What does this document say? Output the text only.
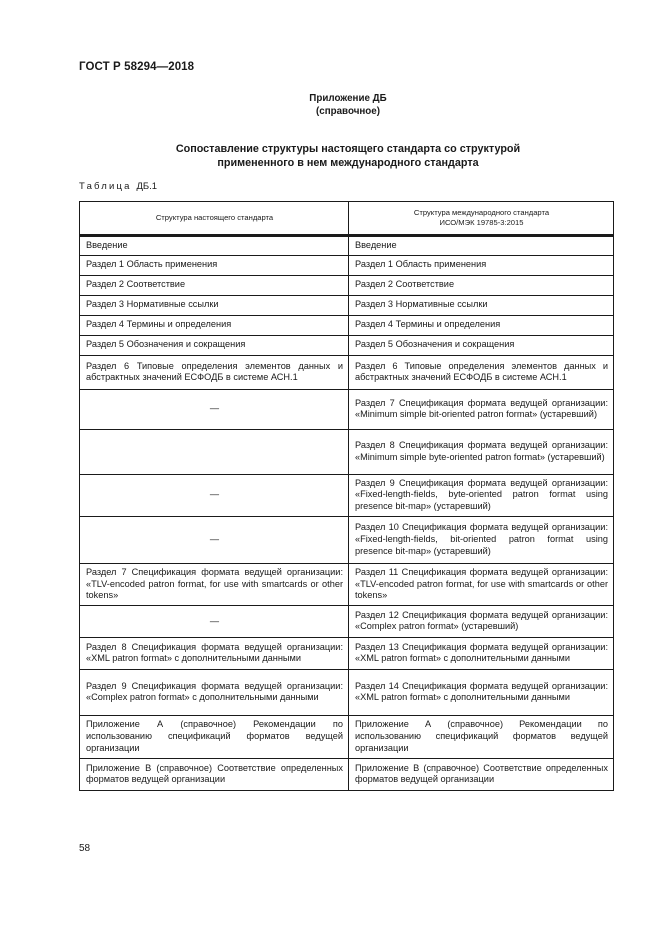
ГОСТ Р 58294—2018
Приложение ДБ
(справочное)
Сопоставление структуры настоящего стандарта со структурой
примененного в нем международного стандарта
Таблица ДБ.1
Структура настоящего стандарта	Структура международного стандарта
ИСО/МЭК 19785-3:2015

Введение	Введение
Раздел 1 Область применения	Раздел 1 Область применения
Раздел 2 Соответствие	Раздел 2 Соответствие
Раздел 3 Нормативные ссылки	Раздел 3 Нормативные ссылки
Раздел 4 Термины и определения	Раздел 4 Термины и определения
Раздел 5 Обозначения и сокращения	Раздел 5 Обозначения и сокращения
Раздел 6 Типовые определения элементов данных и абстрактных значений ЕСФОДБ в системе АСН.1	Раздел 6 Типовые определения элементов данных и абстрактных значений ЕСФОДБ в системе АСН.1
—	Раздел 7 Спецификация формата ведущей организации: «Minimum simple bit-oriented patron format» (устаревший)
	Раздел 8 Спецификация формата ведущей организации: «Minimum simple byte-oriented patron format» (устаревший)
—	Раздел 9 Спецификация формата ведущей организации: «Fixed-length-fields, byte-oriented patron format using presence bit-map» (устаревший)
—	Раздел 10 Спецификация формата ведущей организации: «Fixed-length-fields, bit-oriented patron format using presence bit-map» (устаревший)
Раздел 7 Спецификация формата ведущей организации: «TLV-encoded patron format, for use with smartcards or other tokens»	Раздел 11 Спецификация формата ведущей организации: «TLV-encoded patron format, for use with smartcards or other tokens»
—	Раздел 12 Спецификация формата ведущей организации: «Complex patron format» (устаревший)
Раздел 8 Спецификация формата ведущей организации: «XML patron format» с дополнительными данными	Раздел 13 Спецификация формата ведущей организации: «XML patron format» с дополнительными данными
Раздел 9 Спецификация формата ведущей организации: «Complex patron format» с дополнительными данными	Раздел 14 Спецификация формата ведущей организации: «XML patron format» с дополнительными данными
Приложение А (справочное) Рекомендации по использованию спецификаций форматов ведущей организации	Приложение А (справочное) Рекомендации по использованию спецификаций форматов ведущей организации
Приложение В (справочное) Соответствие определенных форматов ведущей организации	Приложение В (справочное) Соответствие определенных форматов ведущей организации
58
